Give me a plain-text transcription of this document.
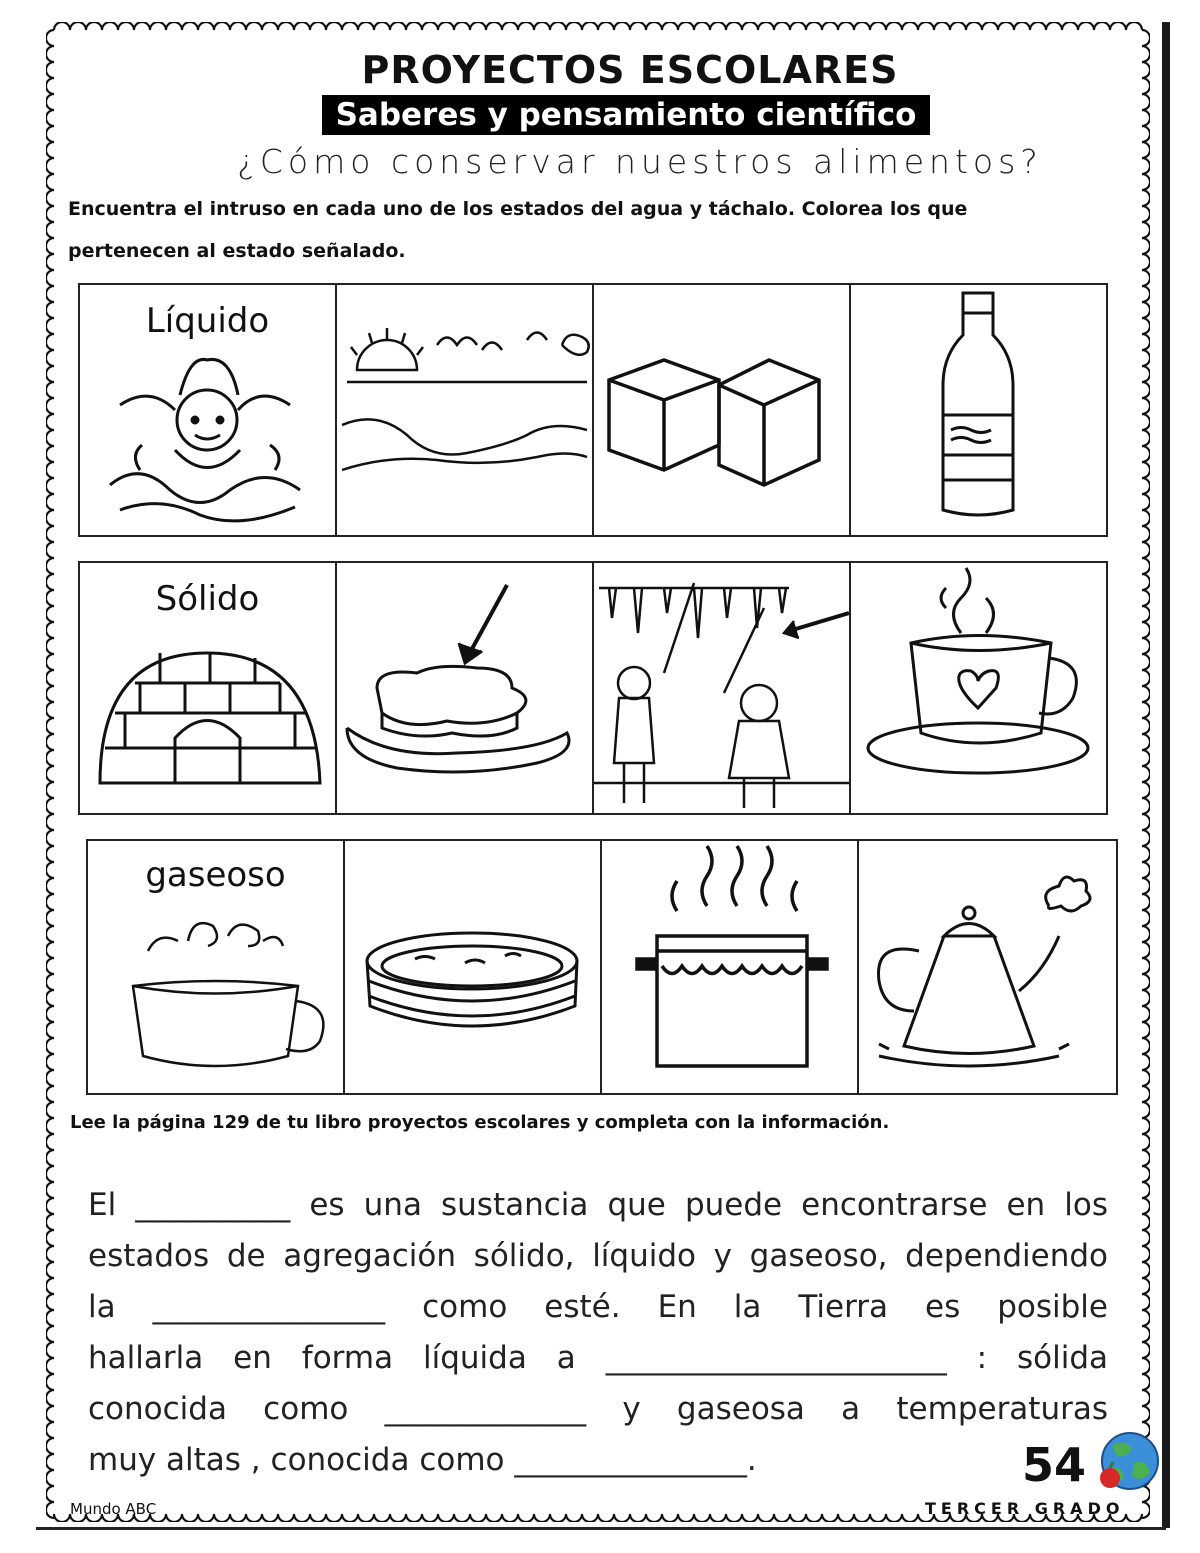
PROYECTOS ESCOLARES
Saberes y pensamiento científico
¿Cómo conservar nuestros alimentos?
Encuentra el intruso en cada uno de los estados del agua y táchalo. Colorea los que
pertenecen al estado señalado.
Líquido
Sólido
gaseoso
Lee la página 129 de tu libro proyectos escolares y completa con la información.
El __________ es una sustancia que puede encontrarse en los
estados de agregación sólido, líquido y gaseoso, dependiendo
la _______________ como esté. En la Tierra es posible
hallarla en forma líquida a ______________________ : sólida
conocida como _____________ y gaseosa a temperaturas
muy altas , conocida como _______________.	54
Mundo ABC	TERCER GRADO
